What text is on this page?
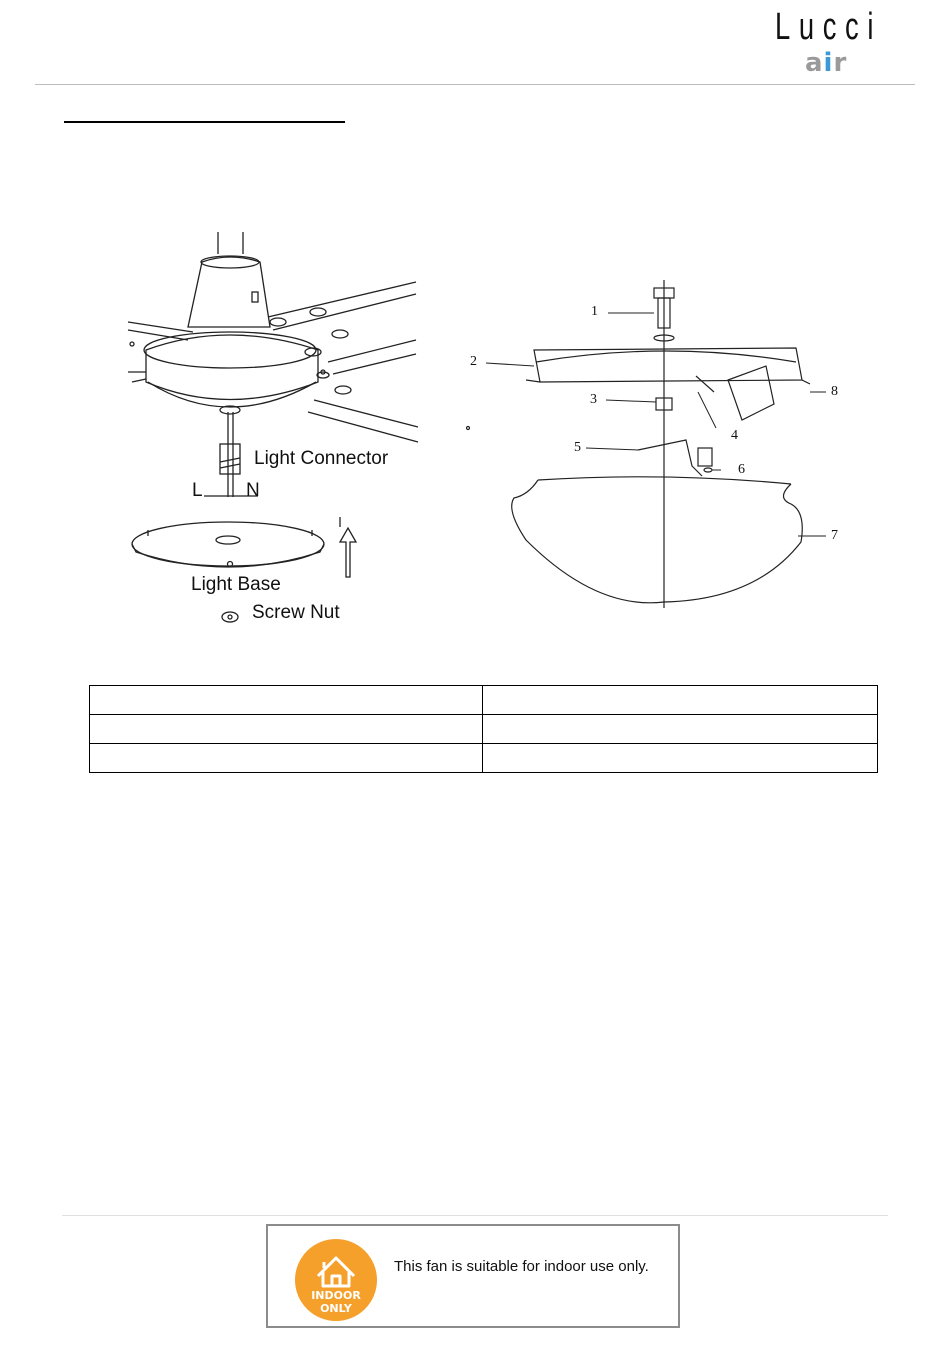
Lucci
air
Light Connector
L N
Light Base
Screw Nut
1
2
3
4
5
6
7
8

INDOOR
ONLY
This fan is suitable for indoor use only.
